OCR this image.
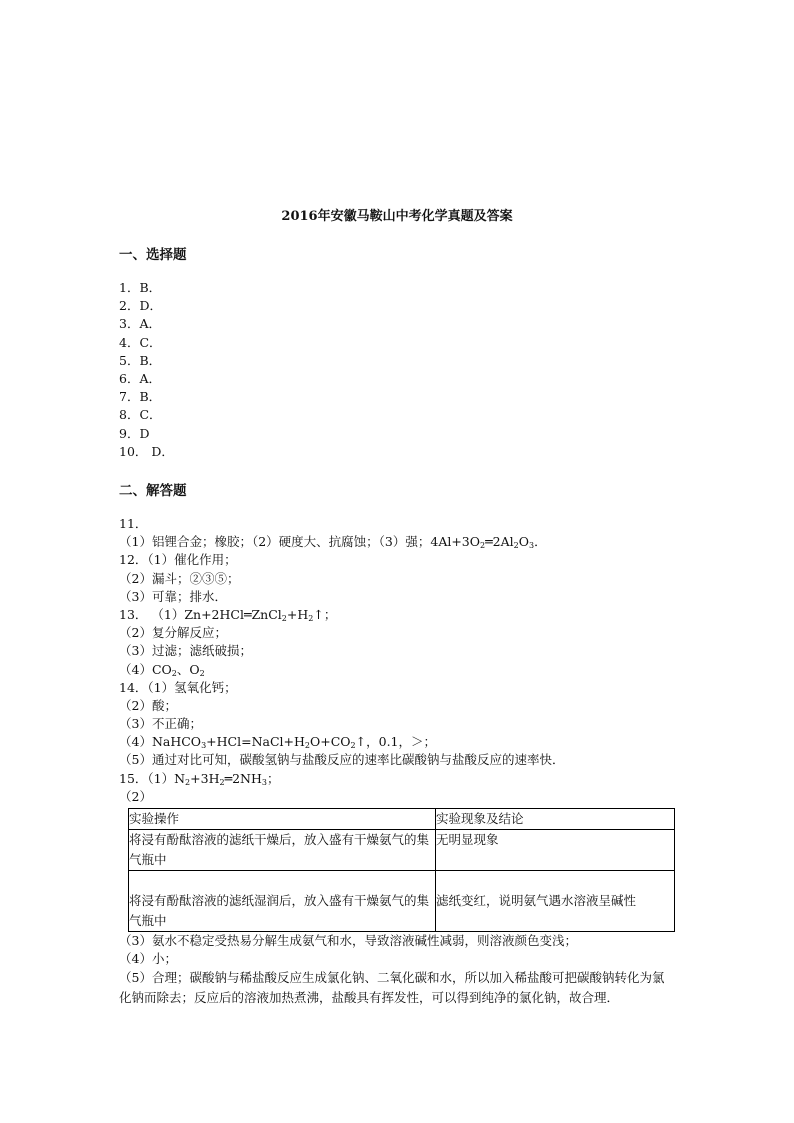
2016年安徽马鞍山中考化学真题及答案
一、选择题
1．B．
2．D．
3．A．
4．C．
5．B．
6．A．
7．B．
8．C．
9．D
10． D．
二、解答题
11．
（1）铝锂合金；橡胶；（2）硬度大、抗腐蚀；（3）强；$4Al+3O_2═2Al_2O_3$．
12．（1）催化作用；
（2）漏斗；②③⑤；
（3）可靠；排水．
13． $(1)Zn+2HCl═ZnCl_2+H_2↑$；
（2）复分解反应；
（3）过滤；滤纸破损；
$(4)CO_2$、$O_2$
14．（1）氢氧化钙；
（2）酸；
（3）不正确；
$(4)NaHCO_3+HCl=NaCl+H_2O+CO_2↑$，0.1，＞；
（5）通过对比可知，碳酸氢钠与盐酸反应的速率比碳酸钠与盐酸反应的速率快．
15．$(1)N_2+3H_2═2NH_3$；
（2）
实验操作	实验现象及结论

将浸有酚酞溶液的滤纸干燥后，放入盛有干燥氨气的集气瓶中	无明显现象

将浸有酚酞溶液的滤纸湿润后，放入盛有干燥氨气的集气瓶中	滤纸变红，说明氨气遇水溶液呈碱性
（3）氨水不稳定受热易分解生成氨气和水，导致溶液碱性减弱，则溶液颜色变浅；
（4）小；
（5）合理；碳酸钠与稀盐酸反应生成氯化钠、二氧化碳和水，所以加入稀盐酸可把碳酸钠转化为氯化钠而除去；反应后的溶液加热煮沸，盐酸具有挥发性，可以得到纯净的氯化钠，故合理．
